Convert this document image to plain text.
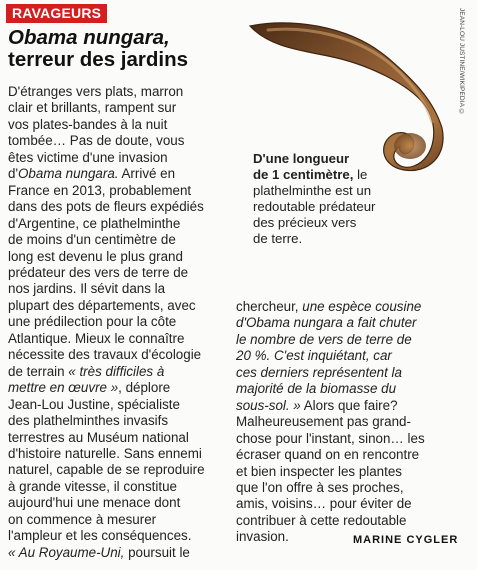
RAVAGEURS
Obama nungara,
terreur des jardins
D'étranges vers plats, marron
clair et brillants, rampent sur
vos plates-bandes à la nuit
tombée… Pas de doute, vous
êtes victime d'une invasion
d'Obama nungara. Arrivé en
France en 2013, probablement
dans des pots de fleurs expédiés
d'Argentine, ce plathelminthe
de moins d'un centimètre de
long est devenu le plus grand
prédateur des vers de terre de
nos jardins. Il sévit dans la
plupart des départements, avec
une prédilection pour la côte
Atlantique. Mieux le connaître
nécessite des travaux d'écologie
de terrain « très difficiles à
mettre en œuvre », déplore
Jean-Lou Justine, spécialiste
des plathelminthes invasifs
terrestres au Muséum national
d'histoire naturelle. Sans ennemi
naturel, capable de se reproduire
à grande vitesse, il constitue
aujourd'hui une menace dont
on commence à mesurer
l'ampleur et les conséquences.
« Au Royaume-Uni, poursuit le
JEAN-LOU JUSTINE/WIKIPEDIA ©
D'une longueur
de 1 centimètre, le
plathelminthe est un
redoutable prédateur
des précieux vers
de terre.
chercheur, une espèce cousine
d'Obama nungara a fait chuter
le nombre de vers de terre de
20 %. C'est inquiétant, car
ces derniers représentent la
majorité de la biomasse du
sous-sol. » Alors que faire?
Malheureusement pas grand-
chose pour l'instant, sinon… les
écraser quand on en rencontre
et bien inspecter les plantes
que l'on offre à ses proches,
amis, voisins… pour éviter de
contribuer à cette redoutable
invasion.	MARINE CYGLER
